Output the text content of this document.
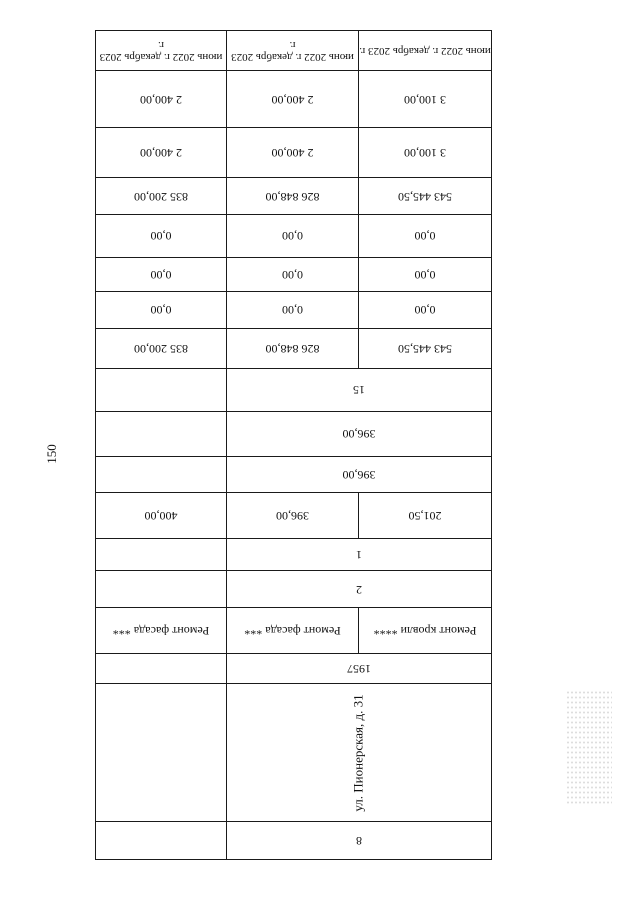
150
июнь 2022 г. декабрь 2023 г.	июнь 2022 г. декабрь 2023 г.	июнь 2022 г. декабрь 2023 г.

2 400,00	2 400,00	3 100,00

2 400,00	2 400,00	3 100,00

835 200,00	826 848,00	543 445,50

0,00	0,00	0,00

0,00	0,00	0,00

0,00	0,00	0,00

835 200,00	826 848,00	543 445,50

	15	

	396,00	

	396,00	

400,00	396,00	201,50

	1	

	2	

Ремонт фасада ***	Ремонт фасада ***	Ремонт кровли ****

	1957	

	ул. Пионерская, д. 31	

	8	
